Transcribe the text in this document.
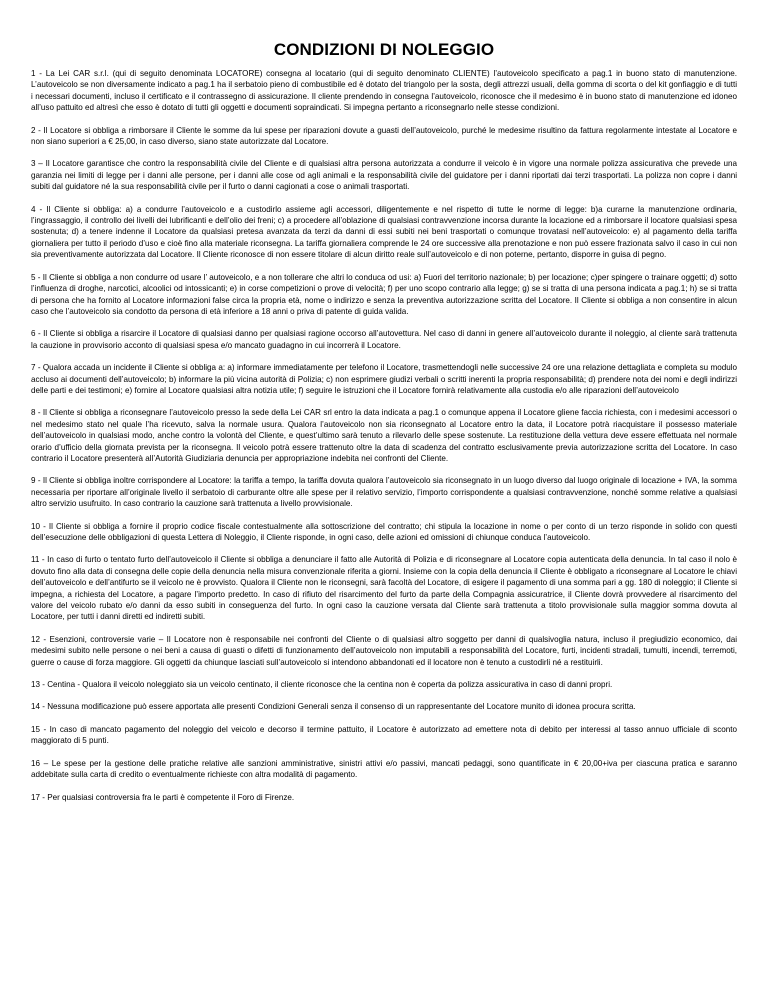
CONDIZIONI DI NOLEGGIO

1 - La Lei CAR s.r.l. (qui di seguito denominata LOCATORE) consegna al locatario (qui di seguito denominato CLIENTE) l’autoveicolo specificato a pag.1 in buono stato di manutenzione. L’autoveicolo se non diversamente indicato a pag.1 ha il serbatoio pieno di combustibile ed è dotato del triangolo per la sosta, degli attrezzi usuali, della gomma di scorta o del kit gonfiaggio e di tutti i necessari documenti, incluso il certificato e il contrassegno di assicurazione. Il cliente prendendo in consegna l’autoveicolo, riconosce che il medesimo è in buono stato di manutenzione ed idoneo all’uso pattuito ed altresì che esso è dotato di tutti gli oggetti e documenti sopraindicati. Si impegna pertanto a riconsegnarlo nelle stesse condizioni.

2 - Il Locatore si obbliga a rimborsare il Cliente le somme da lui spese per riparazioni dovute a guasti dell’autoveicolo, purché le medesime risultino da fattura regolarmente intestate al Locatore e non siano superiori a € 25,00, in caso diverso, siano state autorizzate dal Locatore.

3 – Il Locatore garantisce che contro la responsabilità civile del Cliente e di qualsiasi altra persona autorizzata a condurre il veicolo è in vigore una normale polizza assicurativa che prevede una garanzia nei limiti di legge per i danni alle persone, per i danni alle cose od agli animali e la responsabilità civile del guidatore per i danni riportati dai terzi trasportati. La polizza non copre i danni subiti dal guidatore né la sua responsabilità civile per il furto o danni cagionati a cose o animali trasportati.

4 - Il Cliente si obbliga: a) a condurre l’autoveicolo e a custodirlo assieme agli accessori, diligentemente e nel rispetto di tutte le norme di legge: b)a curarne la manutenzione ordinaria, l’ingrassaggio, il controllo dei livelli dei lubrificanti e dell’olio dei freni; c) a procedere all’oblazione di qualsiasi contravvenzione incorsa durante la locazione ed a rimborsare il locatore qualsiasi spesa sostenuta; d) a tenere indenne il Locatore da qualsiasi pretesa avanzata da terzi da danni di essi subiti nei beni trasportati o comunque trovatasi nell’autoveicolo: e) al pagamento della tariffa giornaliera per tutto il periodo d’uso e cioè fino alla materiale riconsegna. La tariffa giornaliera comprende le 24 ore successive alla prenotazione e non può essere frazionata salvo il caso in cui non sia preventivamente autorizzata dal Locatore. Il Cliente riconosce di non essere titolare di alcun diritto reale sull’autoveicolo e di non poterne, pertanto, disporre in guisa di pegno.

5 - Il Cliente si obbliga a non condurre od usare l’ autoveicolo, e a non tollerare che altri lo conduca od usi: a) Fuori del territorio nazionale; b) per locazione; c)per spingere o trainare oggetti; d) sotto l’influenza di droghe, narcotici, alcoolici od intossicanti; e) in corse competizioni o prove di velocità; f) per uno scopo contrario alla legge; g) se si tratta di una persona indicata a pag.1; h) se si tratta di persona che ha fornito al Locatore informazioni false circa la propria età, nome o indirizzo e senza la preventiva autorizzazione scritta del Locatore. Il Cliente si obbliga a non consentire in alcun caso che l’autoveicolo sia condotto da persona di età inferiore a 18 anni o priva di patente di guida valida.

6 - Il Cliente si obbliga a risarcire il Locatore di qualsiasi danno per qualsiasi ragione occorso all’autovettura. Nel caso di danni in genere all’autoveicolo durante il noleggio, al cliente sarà trattenuta la cauzione in provvisorio acconto di qualsiasi spesa e/o mancato guadagno in cui incorrerà il Locatore.

7 - Qualora accada un incidente il Cliente si obbliga a: a) informare immediatamente per telefono il Locatore, trasmettendogli nelle successive 24 ore una relazione dettagliata e completa su modulo accluso ai documenti dell’autoveicolo; b) informare la più vicina autorità di Polizia; c) non esprimere giudizi verbali o scritti inerenti la propria responsabilità; d) prendere nota dei nomi e degli indirizzi delle parti e dei testimoni; e) fornire al Locatore qualsiasi altra notizia utile; f) seguire le istruzioni che il Locatore fornirà relativamente alla custodia e/o alle riparazioni dell’autoveicolo

8 - Il Cliente si obbliga a riconsegnare l’autoveicolo presso la sede della Lei CAR srl entro la data indicata a pag.1 o comunque appena il Locatore gliene faccia richiesta, con i medesimi accessori o nel medesimo stato nel quale l’ha ricevuto, salva la normale usura. Qualora l’autoveicolo non sia riconsegnato al Locatore entro la data, il Locatore potrà riacquistare il possesso materiale dell’autoveicolo in qualsiasi modo, anche contro la volontà del Cliente, e quest’ultimo sarà tenuto a rilevarlo delle spese sostenute. La restituzione della vettura deve essere effettuata nel normale orario d’ufficio della giornata prevista per la riconsegna. Il veicolo potrà essere trattenuto oltre la data di scadenza del contratto esclusivamente previa autorizzazione scritta del Locatore. In caso contrario il Locatore presenterà all’Autorità Giudiziaria denuncia per appropriazione indebita nei confronti del Cliente.

9 - Il Cliente si obbliga inoltre corrispondere al Locatore: la tariffa a tempo, la tariffa dovuta qualora l’autoveicolo sia riconsegnato in un luogo diverso dal luogo originale di locazione + IVA, la somma necessaria per riportare all’originale livello il serbatoio di carburante oltre alle spese per il relativo servizio, l’importo corrispondente a qualsiasi contravvenzione, nonché somme relative a qualsiasi altro servizio usufruito. In caso contrario la cauzione sarà trattenuta a livello provvisionale.

10 - Il Cliente si obbliga a fornire il proprio codice fiscale contestualmente alla sottoscrizione del contratto; chi stipula la locazione in nome o per conto di un terzo risponde in solido con questi dell’esecuzione delle obbligazioni di questa Lettera di Noleggio, il Cliente risponde, in ogni caso, delle azioni ed omissioni di chiunque conduca l’autoveicolo.

11 - In caso di furto o tentato furto dell’autoveicolo il Cliente si obbliga a denunciare il fatto alle Autorità di Polizia e di riconsegnare al Locatore copia autenticata della denuncia. In tal caso il nolo è dovuto fino alla data di consegna delle copie della denuncia nella misura convenzionale riferita a giorni. Insieme con la copia della denuncia il Cliente è obbligato a riconsegnare al Locatore le chiavi dell’autoveicolo e dell’antifurto se il veicolo ne è provvisto. Qualora il Cliente non le riconsegni, sarà facoltà del Locatore, di esigere il pagamento di una somma pari a gg. 180 di noleggio; il Cliente si impegna, a richiesta del Locatore, a pagare l’importo predetto. In caso di rifiuto del risarcimento del furto da parte della Compagnia assicuratrice, il Cliente dovrà provvedere al risarcimento del valore del veicolo rubato e/o danni da esso subiti in conseguenza del furto. In ogni caso la cauzione versata dal Cliente sarà trattenuta a titolo provvisionale sulla maggior somma dovuta al Locatore, per tutti i danni diretti ed indiretti subiti.

12 - Esenzioni, controversie varie – Il Locatore non è responsabile nei confronti del Cliente o di qualsiasi altro soggetto per danni di qualsivoglia natura, incluso il pregiudizio economico, dai medesimi subito nelle persone o nei beni a causa di guasti o difetti di funzionamento dell’autoveicolo non imputabili a responsabilità del Locatore, furti, incidenti stradali, tumulti, incendi, terremoti, guerre o cause di forza maggiore. Gli oggetti da chiunque lasciati sull’autoveicolo si intendono abbandonati ed il locatore non è tenuto a custodirli né a restituirli.

13 - Centina - Qualora il veicolo noleggiato sia un veicolo centinato, il cliente riconosce che la centina non è coperta da polizza assicurativa in caso di danni propri.

14 - Nessuna modificazione può essere apportata alle presenti Condizioni Generali senza il consenso di un rappresentante del Locatore munito di idonea procura scritta.

15 - In caso di mancato pagamento del noleggio del veicolo e decorso il termine pattuito, il Locatore è autorizzato ad emettere nota di debito per interessi al tasso annuo ufficiale di sconto maggiorato di 5 punti.

16 – Le spese per la gestione delle pratiche relative alle sanzioni amministrative, sinistri attivi e/o passivi, mancati pedaggi, sono quantificate in € 20,00+iva per ciascuna pratica e saranno addebitate sulla carta di credito o eventualmente richieste con altra modalità di pagamento.

17 - Per qualsiasi controversia fra le parti è competente il Foro di Firenze.
